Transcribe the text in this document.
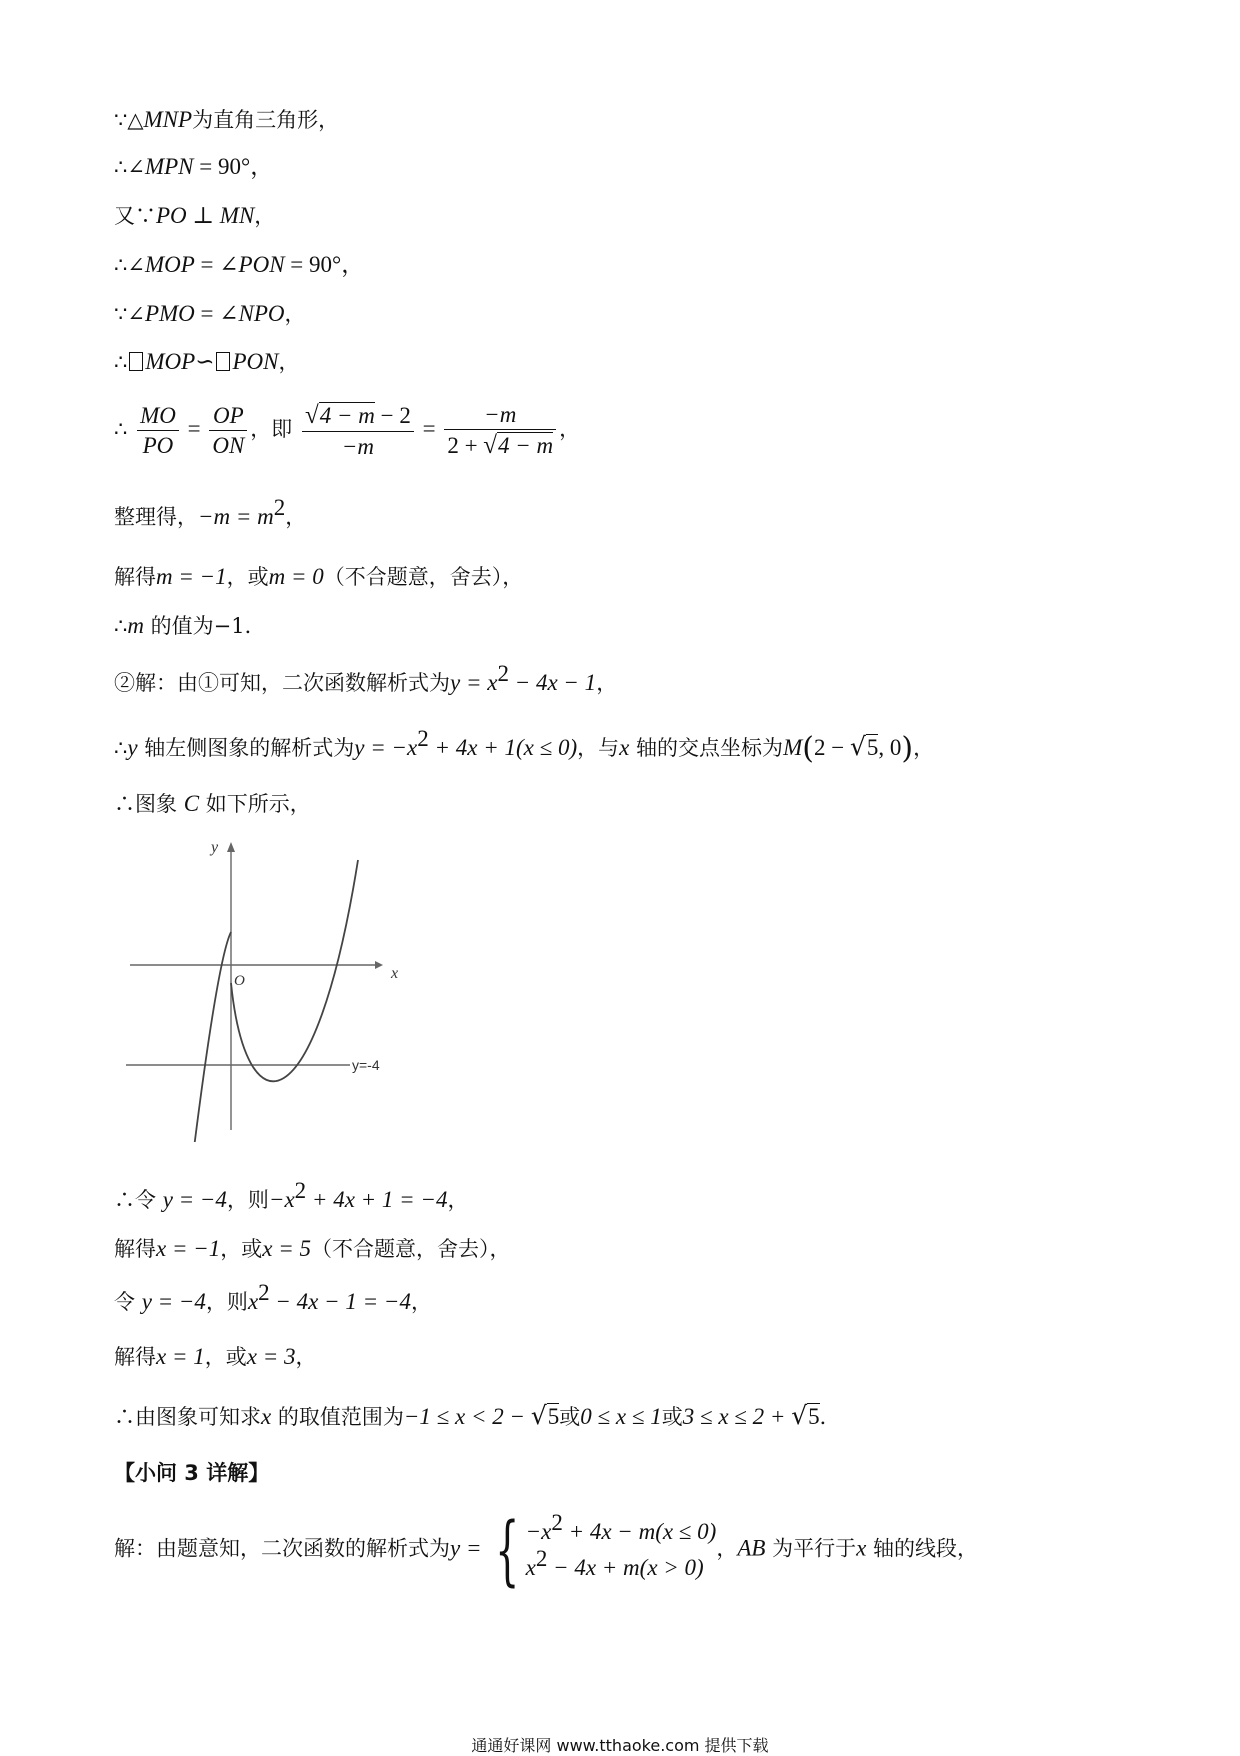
∵△MNP为直角三角形，
∴∠MPN = 90°，
又∵PO ⊥ MN，
∴∠MOP = ∠PON = 90°，
∵∠PMO = ∠NPO，
∴ MOP∽ PON，
∴ $\frac{MO}{PO} = \frac{OP}{ON}$ ，即 $\frac{√4 - m - 2}{-m} = \frac{-m}{2 + √4 - m}$ ，
整理得，$-m = m^2$，
解得m = −1，或m = 0（不合题意，舍去），
∴m 的值为−1．
②解：由①可知，二次函数解析式为$y = x^2 - 4x - 1$，
∴y 轴左侧图象的解析式为$y = -x^2 + 4x + 1(x \le 0)$，与x 轴的交点坐标为M(2 − √5, 0)，
∴图象 C 如下所示，
y
x
O
y=-4
∴令 y = −4，则$-x^2 + 4x + 1 = -4$，
解得x = −1，或x = 5（不合题意，舍去），
令 y = −4，则$x^2 - 4x - 1 = -4$，
解得x = 1，或x = 3，
∴由图象可知求x 的取值范围为−1 ≤ x < 2 − √5或0 ≤ x ≤ 1或3 ≤ x ≤ 2 + √5．
【小问 3 详解】
解：由题意知，二次函数的解析式为y = { $-x^2 + 4x - m(x \le 0)$
$x^2 - 4x + m(x > 0)$
，AB 为平行于x 轴的线段，
通通好课网 www.tthaoke.com 提供下载
